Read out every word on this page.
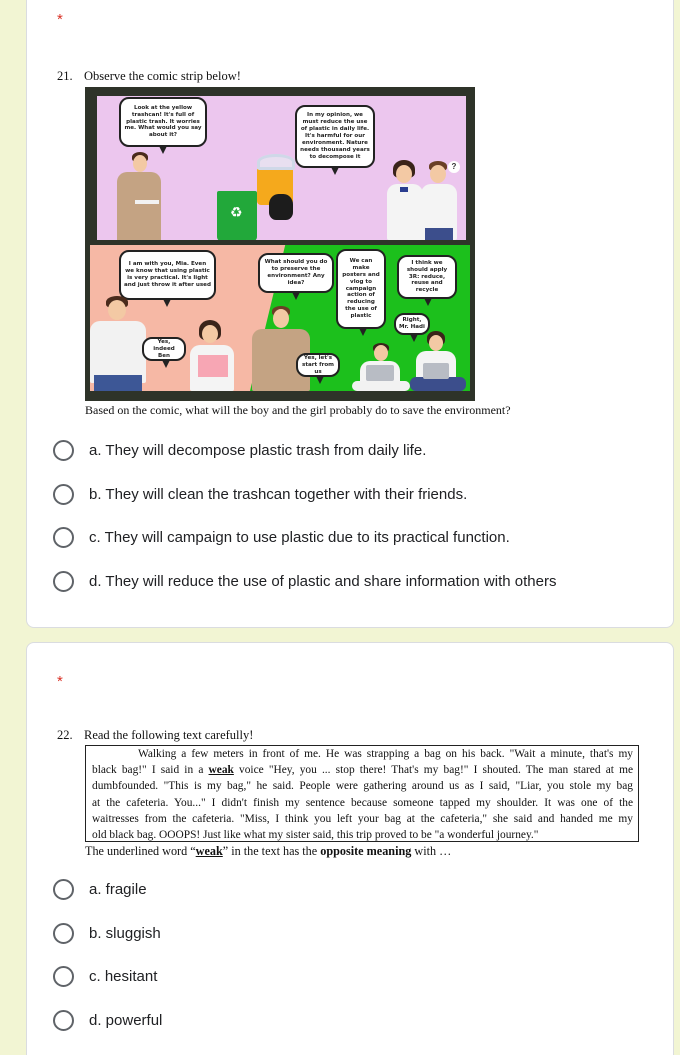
*
21. Observe the comic strip below!
Look at the yellow trashcan! It's full of plastic trash. It worries me. What would you say about it?
♻
In my opinion, we must reduce the use of plastic in daily life. It's harmful for our environment. Nature needs thousand years to decompose it
?
I am with you, Mia. Even we know that using plastic is very practical. It's light and just throw it after used
Yes, indeed Ben
What should you do to preserve the environment? Any idea?
Yes, let's start from us
We can make posters and vlog to campaign action of reducing the use of plastic
I think we should apply 3R: reduce, reuse and recycle
Right, Mr. Hadi
Based on the comic, what will the boy and the girl probably do to save the environment?
a. They will decompose plastic trash from daily life.
b. They will clean the trashcan together with their friends.
c. They will campaign to use plastic due to its practical function.
d. They will reduce the use of plastic and share information with others
*
22. Read the following text carefully!
Walking a few meters in front of me. He was strapping a bag on his back. "Wait a minute, that's my
black bag!" I said in a weak voice "Hey, you ... stop there! That's my bag!" I shouted. The man stared at me
dumbfounded. "This is my bag," he said. People were gathering around us as I said, "Liar, you stole my bag
at the cafeteria. You..." I didn't finish my sentence because someone tapped my shoulder. It was one of the
waitresses from the cafeteria. "Miss, I think you left your bag at the cafeteria," she said and handed me my
old black bag. OOOPS! Just like what my sister said, this trip proved to be "a wonderful journey."
The underlined word “weak” in the text has the opposite meaning with …
a. fragile
b. sluggish
c. hesitant
d. powerful
